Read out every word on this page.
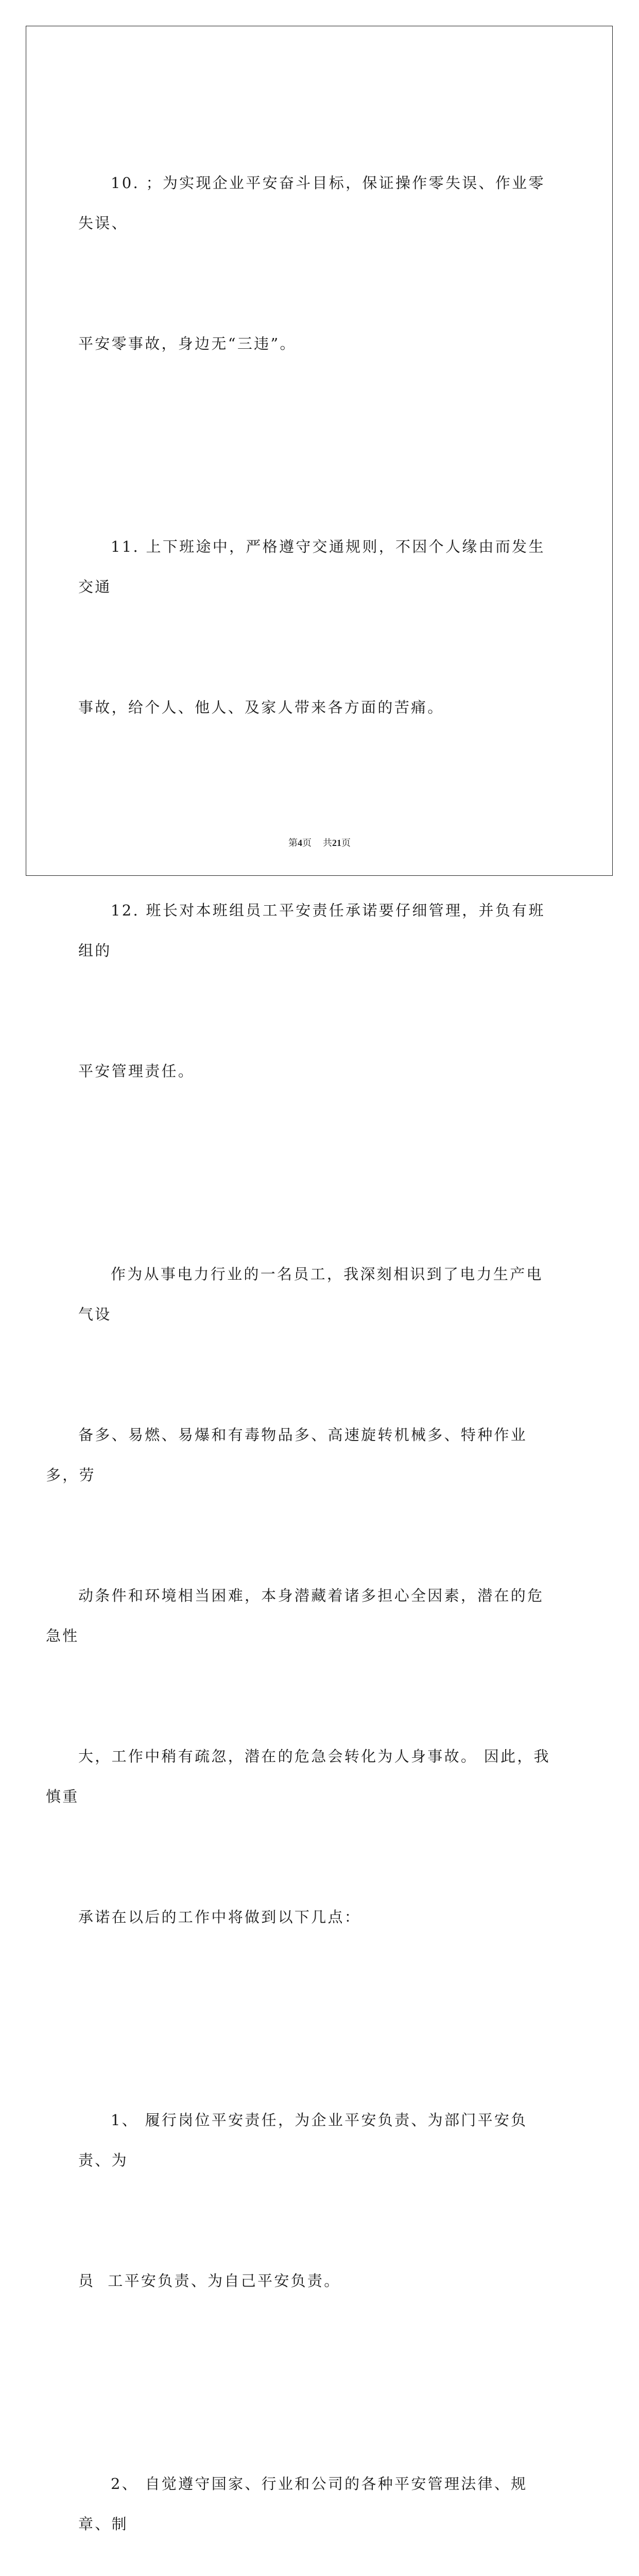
10. ；为实现企业平安奋斗目标，保证操作零失误、作业零失误、

平安零事故，身边无“三违”。

11. 上下班途中，严格遵守交通规则，不因个人缘由而发生交通

事故，给个人、他人、及家人带来各方面的苦痛。

12. 班长对本班组员工平安责任承诺要仔细管理，并负有班组的

平安管理责任。

作为从事电力行业的一名员工，我深刻相识到了电力生产电气设

备多、易燃、易爆和有毒物品多、高速旋转机械多、特种作业多，劳

动条件和环境相当困难，本身潜藏着诸多担心全因素，潜在的危急性

大，工作中稍有疏忽，潜在的危急会转化为人身事故。 因此，我慎重

承诺在以后的工作中将做到以下几点：

1、 履行岗位平安责任，为企业平安负责、为部门平安负责、为

员  工平安负责、为自己平安负责。

2、 自觉遵守国家、行业和公司的各种平安管理法律、规章、制

第4页 共21页
